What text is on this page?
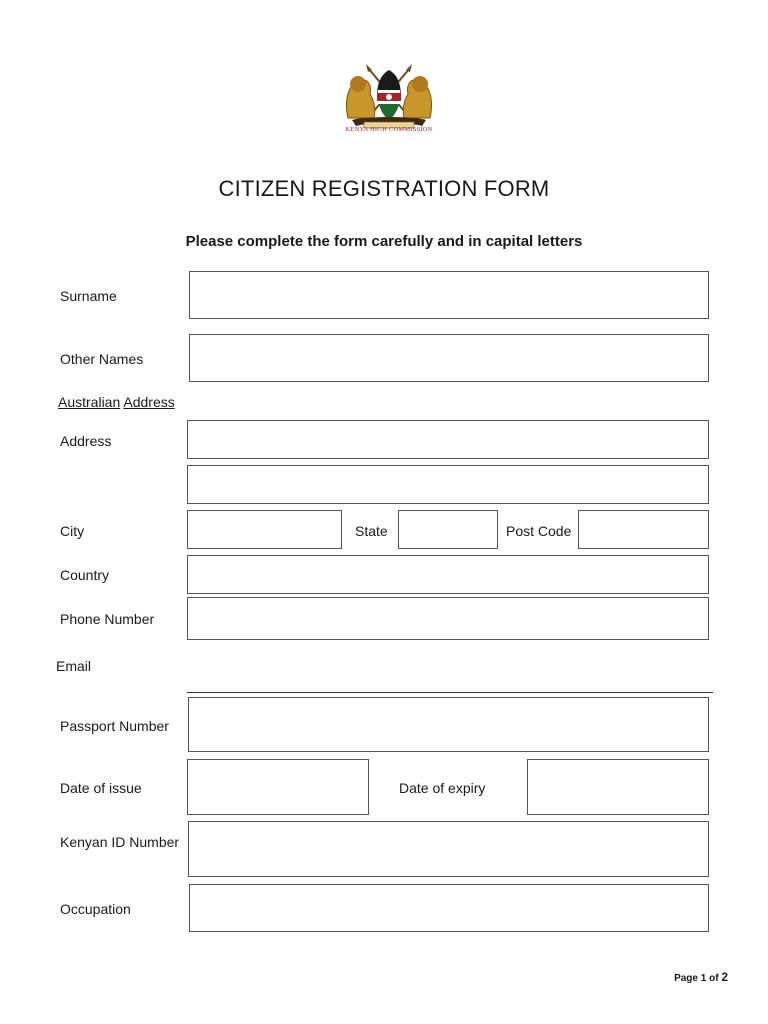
KENYA HIGH COMMISSION
CITIZEN REGISTRATION FORM
Please complete the form carefully and in capital letters
Surname
Other Names
Australian Address
Address
City	State	Post Code
Country
Phone Number
Email
Passport Number
Date of issue	Date of expiry
Kenyan ID Number
Occupation
Page 1 of 2
